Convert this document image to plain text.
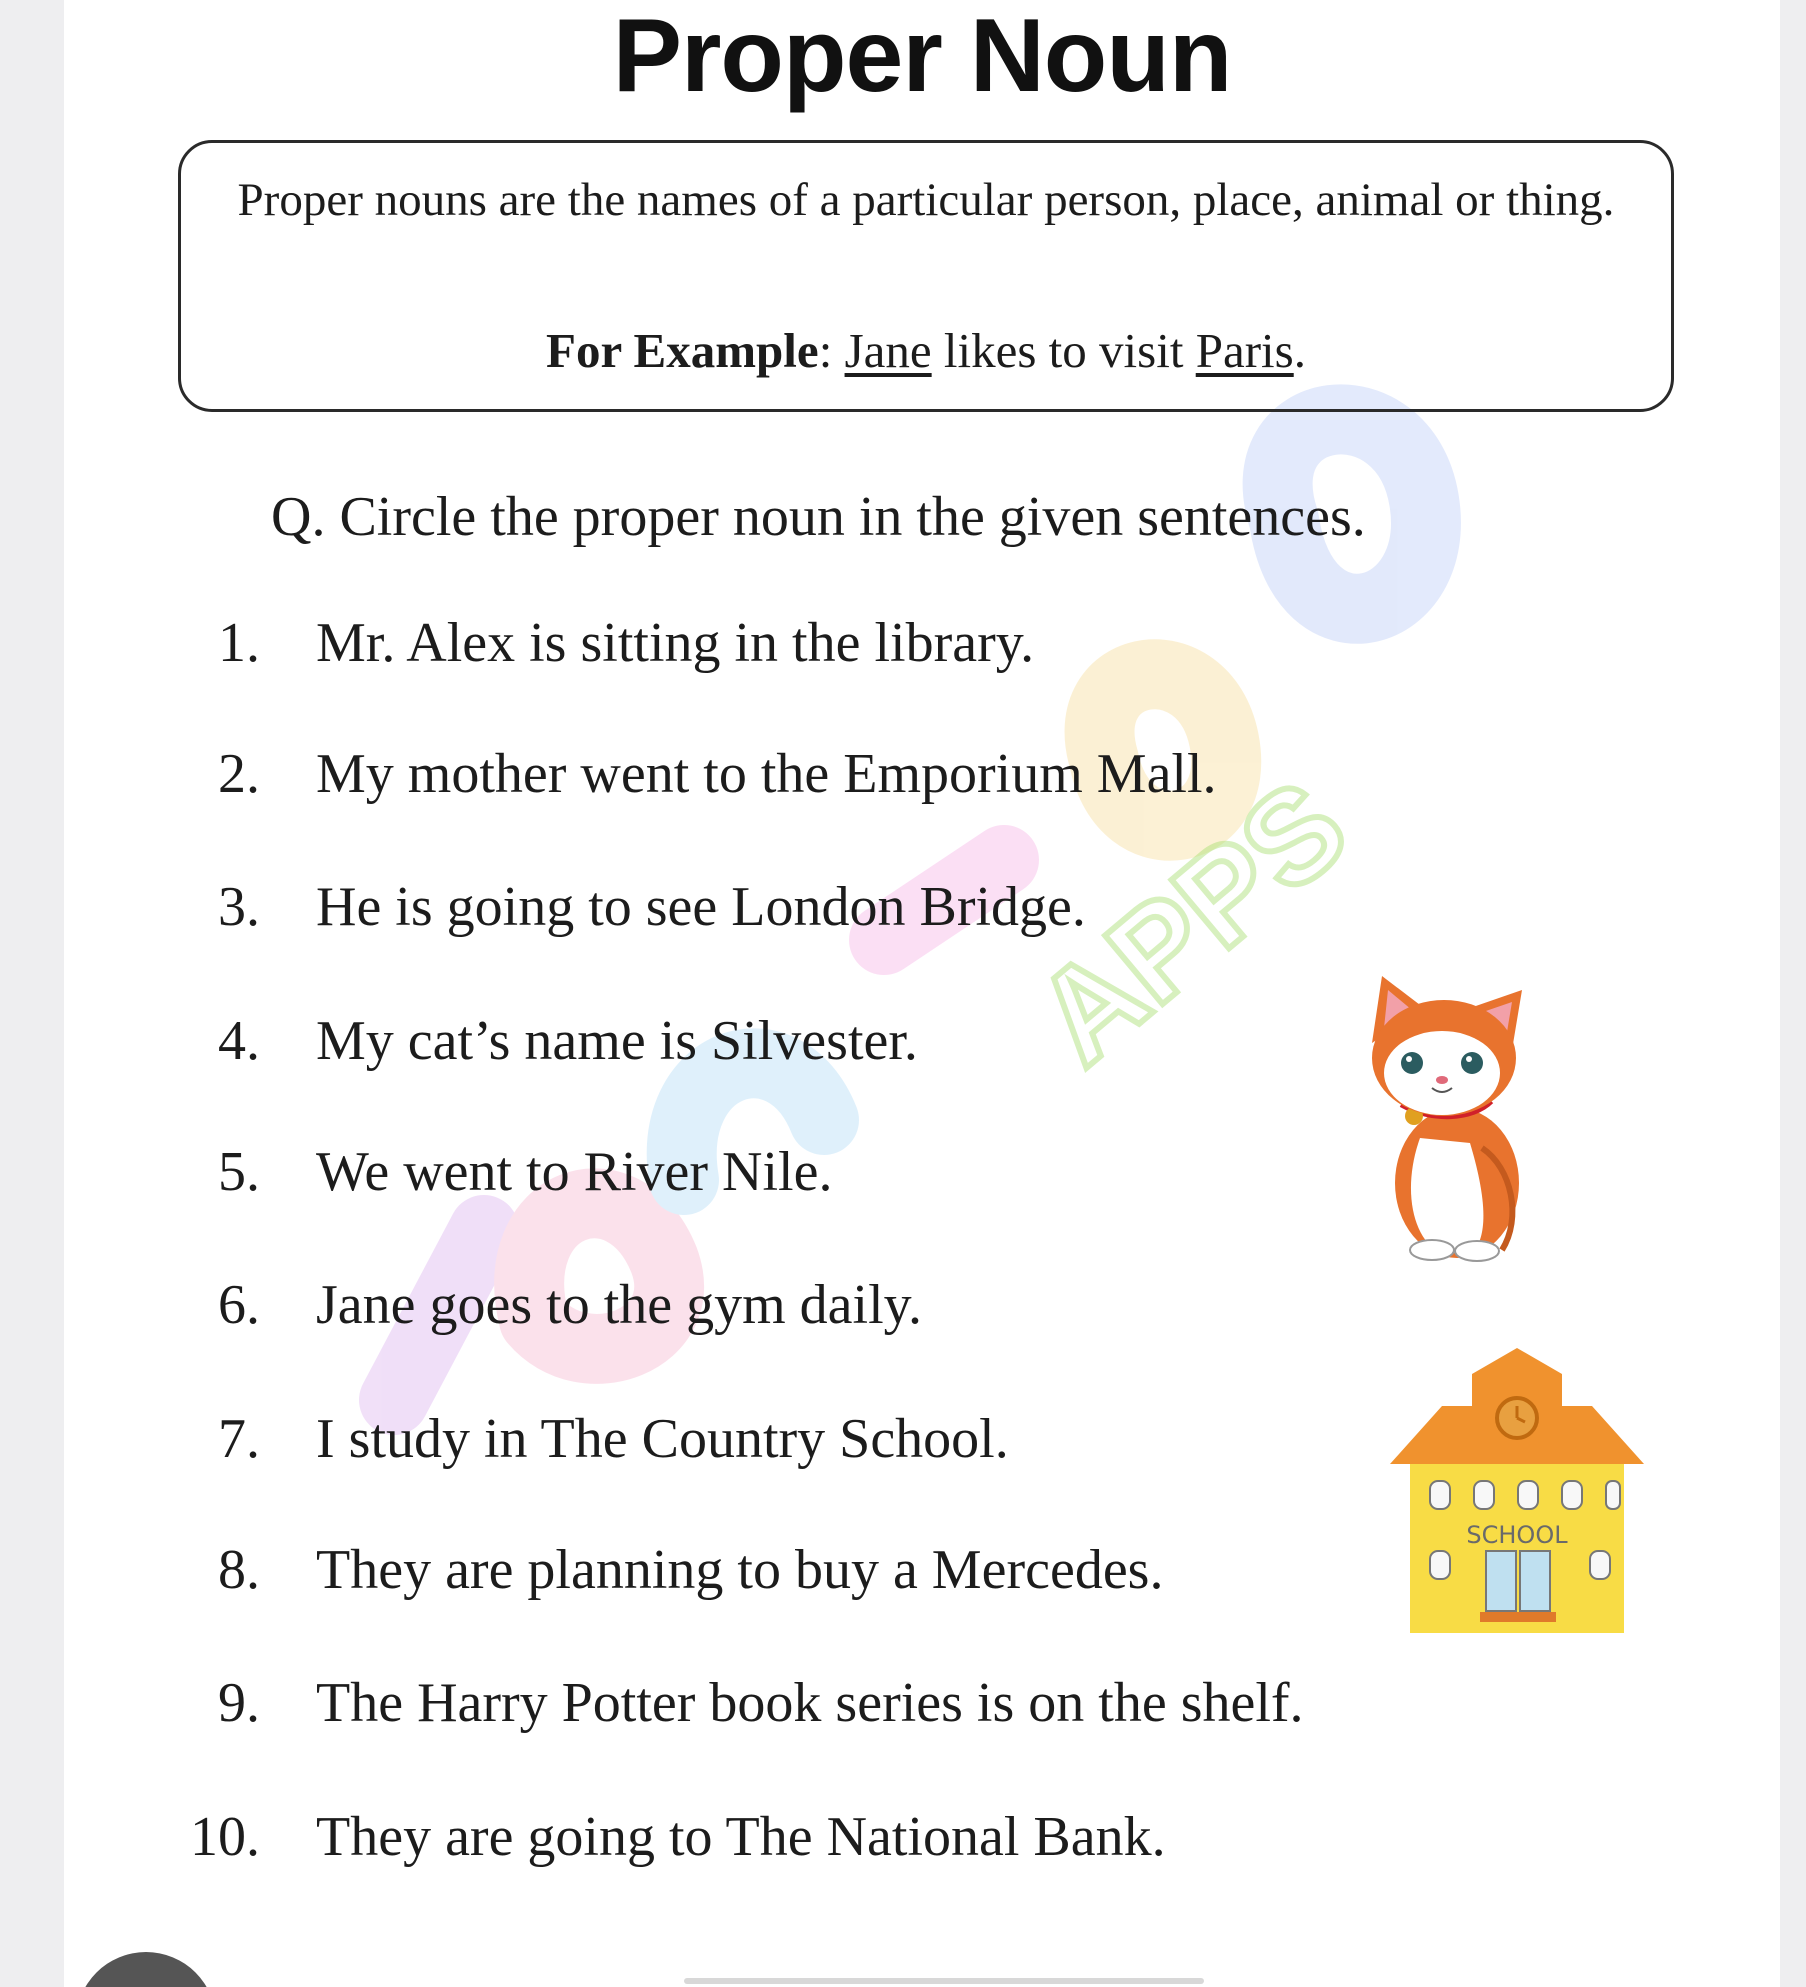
APPS
Proper Noun

Proper nouns are the names of a particular person, place, animal or thing.

For Example: Jane likes to visit Paris.

Q. Circle the proper noun in the given sentences.

1. Mr. Alex is sitting in the library.
2. My mother went to the Emporium Mall.
3. He is going to see London Bridge.
4. My cat’s name is Silvester.
5. We went to River Nile.
6. Jane goes to the gym daily.
7. I study in The Country School.
8. They are planning to buy a Mercedes.
9. The Harry Potter book series is on the shelf.
10. They are going to The National Bank.
SCHOOL
